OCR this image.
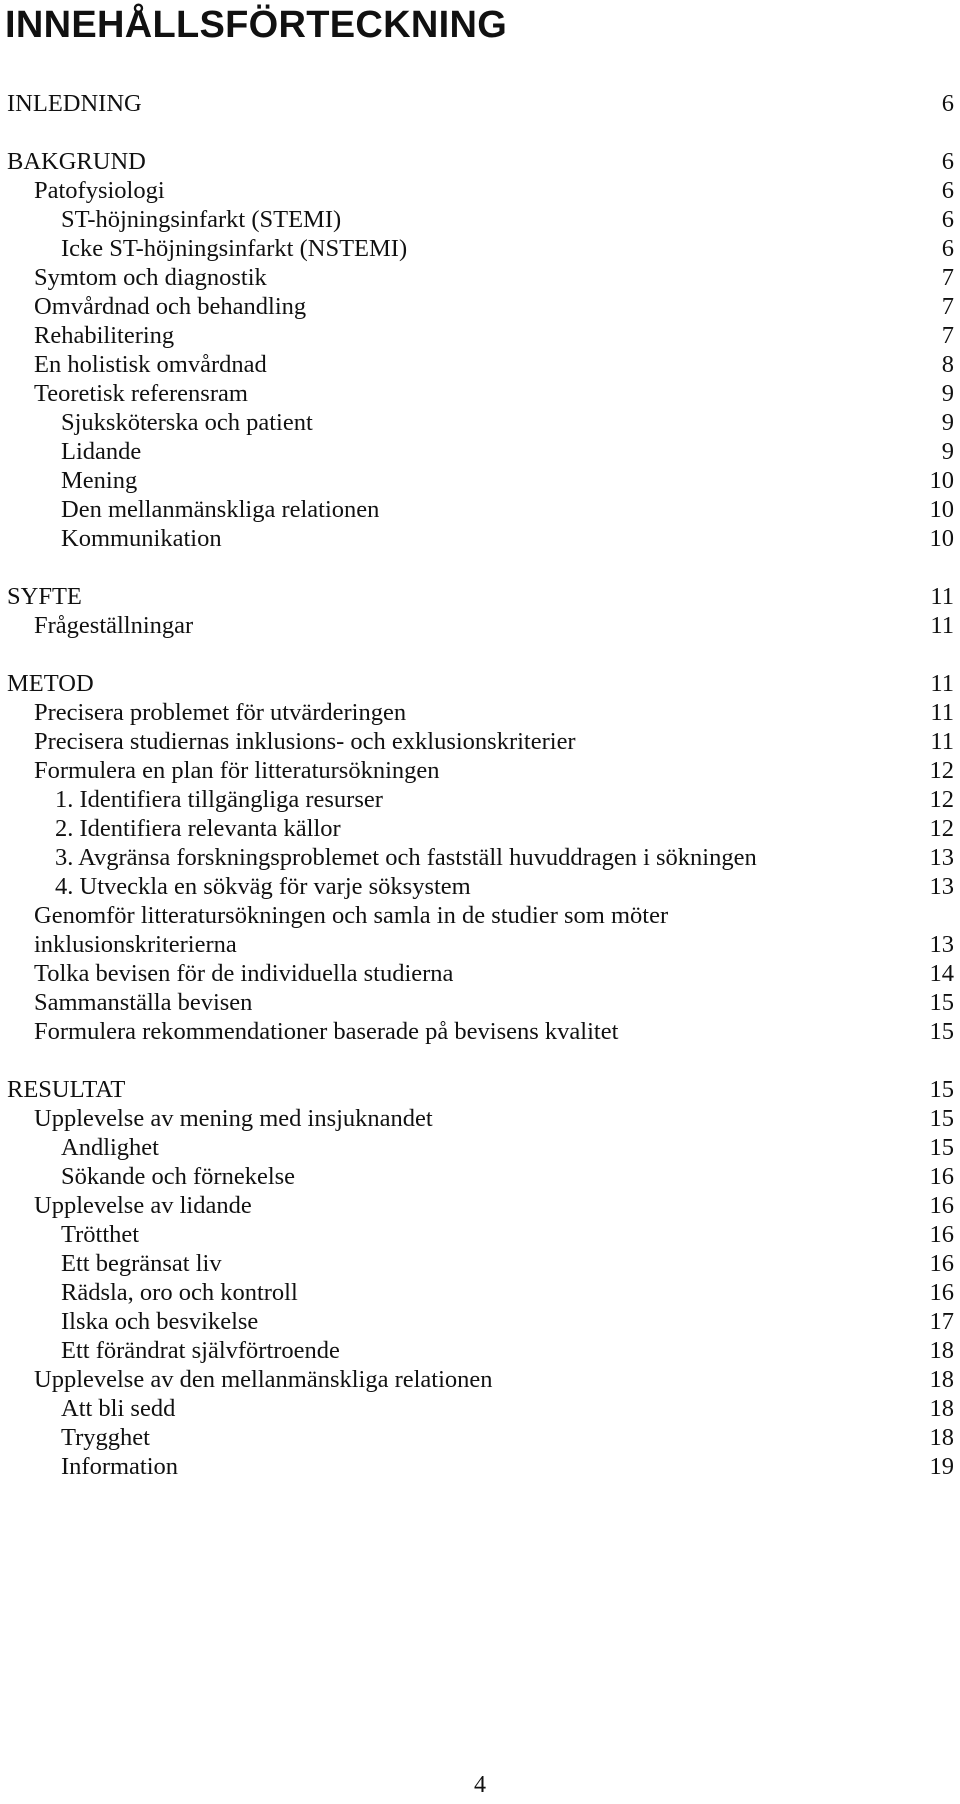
INNEHÅLLSFÖRTECKNING
INLEDNING	6
BAKGRUND	6
Patofysiologi	6
ST-höjningsinfarkt (STEMI)	6
Icke ST-höjningsinfarkt (NSTEMI)	6
Symtom och diagnostik	7
Omvårdnad och behandling	7
Rehabilitering	7
En holistisk omvårdnad	8
Teoretisk referensram	9
Sjuksköterska och patient	9
Lidande	9
Mening	10
Den mellanmänskliga relationen	10
Kommunikation	10
SYFTE	11
Frågeställningar	11
METOD	11
Precisera problemet för utvärderingen	11
Precisera studiernas inklusions- och exklusionskriterier	11
Formulera en plan för litteratursökningen	12
1. Identifiera tillgängliga resurser	12
2. Identifiera relevanta källor	12
3. Avgränsa forskningsproblemet och fastställ huvuddragen i sökningen	13
4. Utveckla en sökväg för varje söksystem	13
Genomför litteratursökningen och samla in de studier som möter
inklusionskriterierna	13
Tolka bevisen för de individuella studierna	14
Sammanställa bevisen	15
Formulera rekommendationer baserade på bevisens kvalitet	15
RESULTAT	15
Upplevelse av mening med insjuknandet	15
Andlighet	15
Sökande och förnekelse	16
Upplevelse av lidande	16
Trötthet	16
Ett begränsat liv	16
Rädsla, oro och kontroll	16
Ilska och besvikelse	17
Ett förändrat självförtroende	18
Upplevelse av den mellanmänskliga relationen	18
Att bli sedd	18
Trygghet	18
Information	19
4
